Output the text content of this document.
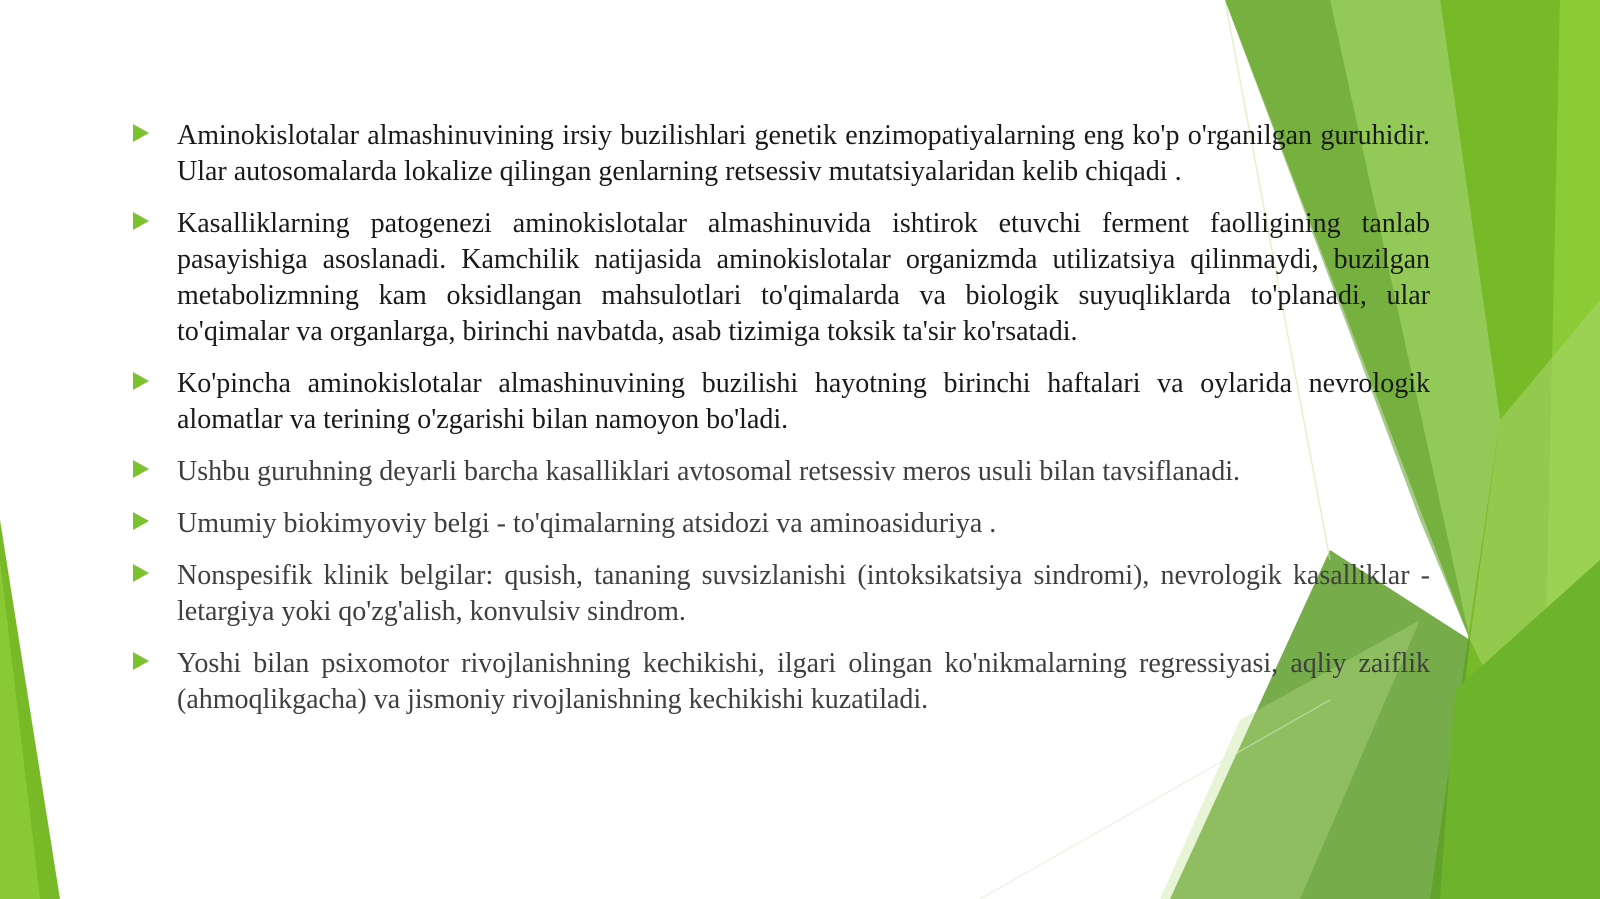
Aminokislotalar almashinuvining irsiy buzilishlari genetik enzimopatiyalarning eng ko'p o'rganilgan guruhidir. Ular autosomalarda lokalize qilingan genlarning retsessiv mutatsiyalaridan kelib chiqadi .
Kasalliklarning patogenezi aminokislotalar almashinuvida ishtirok etuvchi ferment faolligining tanlab pasayishiga asoslanadi. Kamchilik natijasida aminokislotalar organizmda utilizatsiya qilinmaydi, buzilgan metabolizmning kam oksidlangan mahsulotlari to'qimalarda va biologik suyuqliklarda to'planadi, ular to'qimalar va organlarga, birinchi navbatda, asab tizimiga toksik ta'sir ko'rsatadi.
Ko'pincha aminokislotalar almashinuvining buzilishi hayotning birinchi haftalari va oylarida nevrologik alomatlar va terining o'zgarishi bilan namoyon bo'ladi.
Ushbu guruhning deyarli barcha kasalliklari avtosomal retsessiv meros usuli bilan tavsiflanadi.
Umumiy biokimyoviy belgi - to'qimalarning atsidozi va aminoasiduriya .
Nonspesifik klinik belgilar: qusish, tananing suvsizlanishi (intoksikatsiya sindromi), nevrologik kasalliklar - letargiya yoki qo'zg'alish, konvulsiv sindrom.
Yoshi bilan psixomotor rivojlanishning kechikishi, ilgari olingan ko'nikmalarning regressiyasi, aqliy zaiflik (ahmoqlikgacha) va jismoniy rivojlanishning kechikishi kuzatiladi.
